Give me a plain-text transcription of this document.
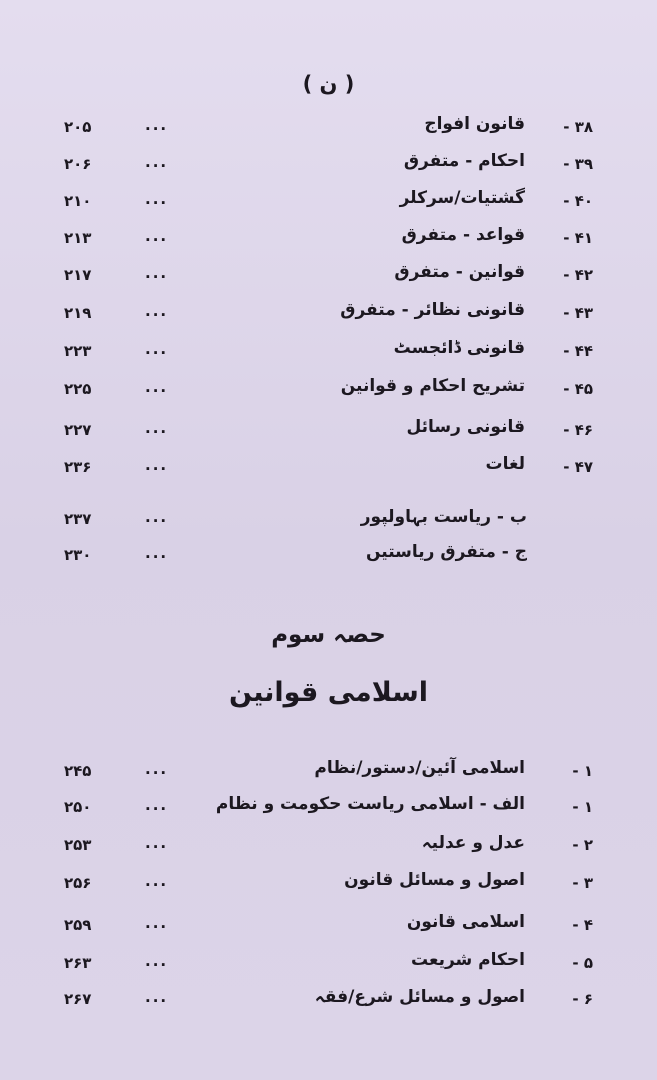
( ن )

۳۸ -
قانون افواج
...
۲۰۵
۳۹ -
احکام - متفرق
...
۲۰۶
۴۰ -
گشتیات/سرکلر
...
۲۱۰
۴۱ -
قواعد - متفرق
...
۲۱۳
۴۲ -
قوانین - متفرق
...
۲۱۷
۴۳ -
قانونی نظائر - متفرق
...
۲۱۹
۴۴ -
قانونی ڈائجسٹ
...
۲۲۳
۴۵ -
تشریح احکام و قوانین
...
۲۲۵
۴۶ -
قانونی رسائل
...
۲۲۷
۴۷ -
لغات
...
۲۳۶
ب - ریاست بہاولپور
...
۲۳۷
ج - متفرق ریاستیں
...
۲۳۰
حصہ سوم
اسلامی قوانین
۱ -
اسلامی آئین/دستور/نظام
...
۲۴۵
۱ -
الف - اسلامی ریاست حکومت و نظام
...
۲۵۰
۲ -
عدل و عدلیہ
...
۲۵۳
۳ -
اصول و مسائل قانون
...
۲۵۶
۴ -
اسلامی قانون
...
۲۵۹
۵ -
احکام شریعت
...
۲۶۳
۶ -
اصول و مسائل شرع/فقہ
...
۲۶۷
